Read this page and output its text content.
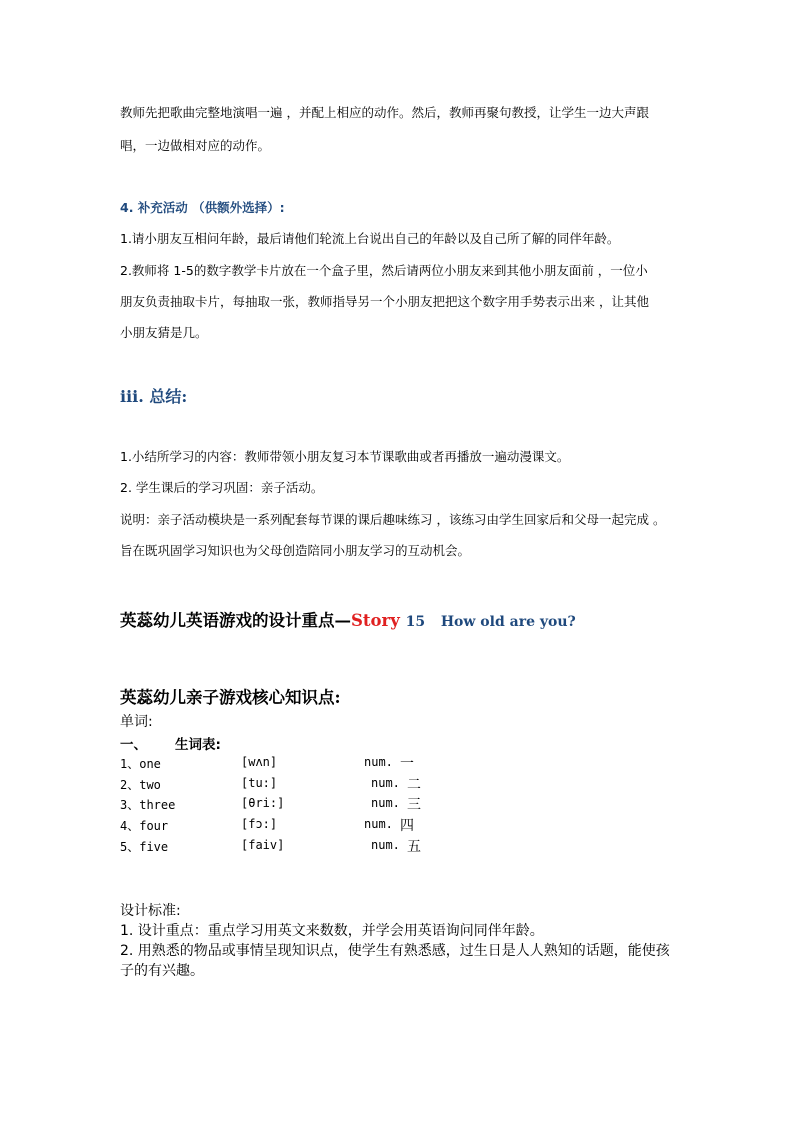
教师先把歌曲完整地演唱一遍 ，并配上相应的动作。然后，教师再聚句教授，让学生一边大声跟
唱，一边做相对应的动作。
4. 补充活动 （供额外选择）:
1.请小朋友互相问年龄，最后请他们轮流上台说出自己的年龄以及自己所了解的同伴年龄。
2.教师将 1-5的数字教学卡片放在一个盒子里，然后请两位小朋友来到其他小朋友面前 ，一位小
朋友负责抽取卡片，每抽取一张，教师指导另一个小朋友把把这个数字用手势表示出来 ，让其他
小朋友猜是几。
ⅲ. 总结:
1.小结所学习的内容：教师带领小朋友复习本节课歌曲或者再播放一遍动漫课文。
2. 学生课后的学习巩固：亲子活动。
说明：亲子活动模块是一系列配套每节课的课后趣味练习 ，该练习由学生回家后和父母一起完成 。
旨在既巩固学习知识也为父母创造陪同小朋友学习的互动机会。
英蕊幼儿英语游戏的设计重点—Story 15 How old are you?
英蕊幼儿亲子游戏核心知识点:
单词:
一、 生词表:
1、one	[wʌn]	num. 一
2、two	[tu:]	num. 二
3、three	[θri:]	num. 三
4、four	[fɔ:]	num. 四
5、five	[faiv]	num. 五
设计标准:
1. 设计重点：重点学习用英文来数数，并学会用英语询问同伴年龄。
2. 用熟悉的物品或事情呈现知识点，使学生有熟悉感，过生日是人人熟知的话题，能使孩
子的有兴趣。
